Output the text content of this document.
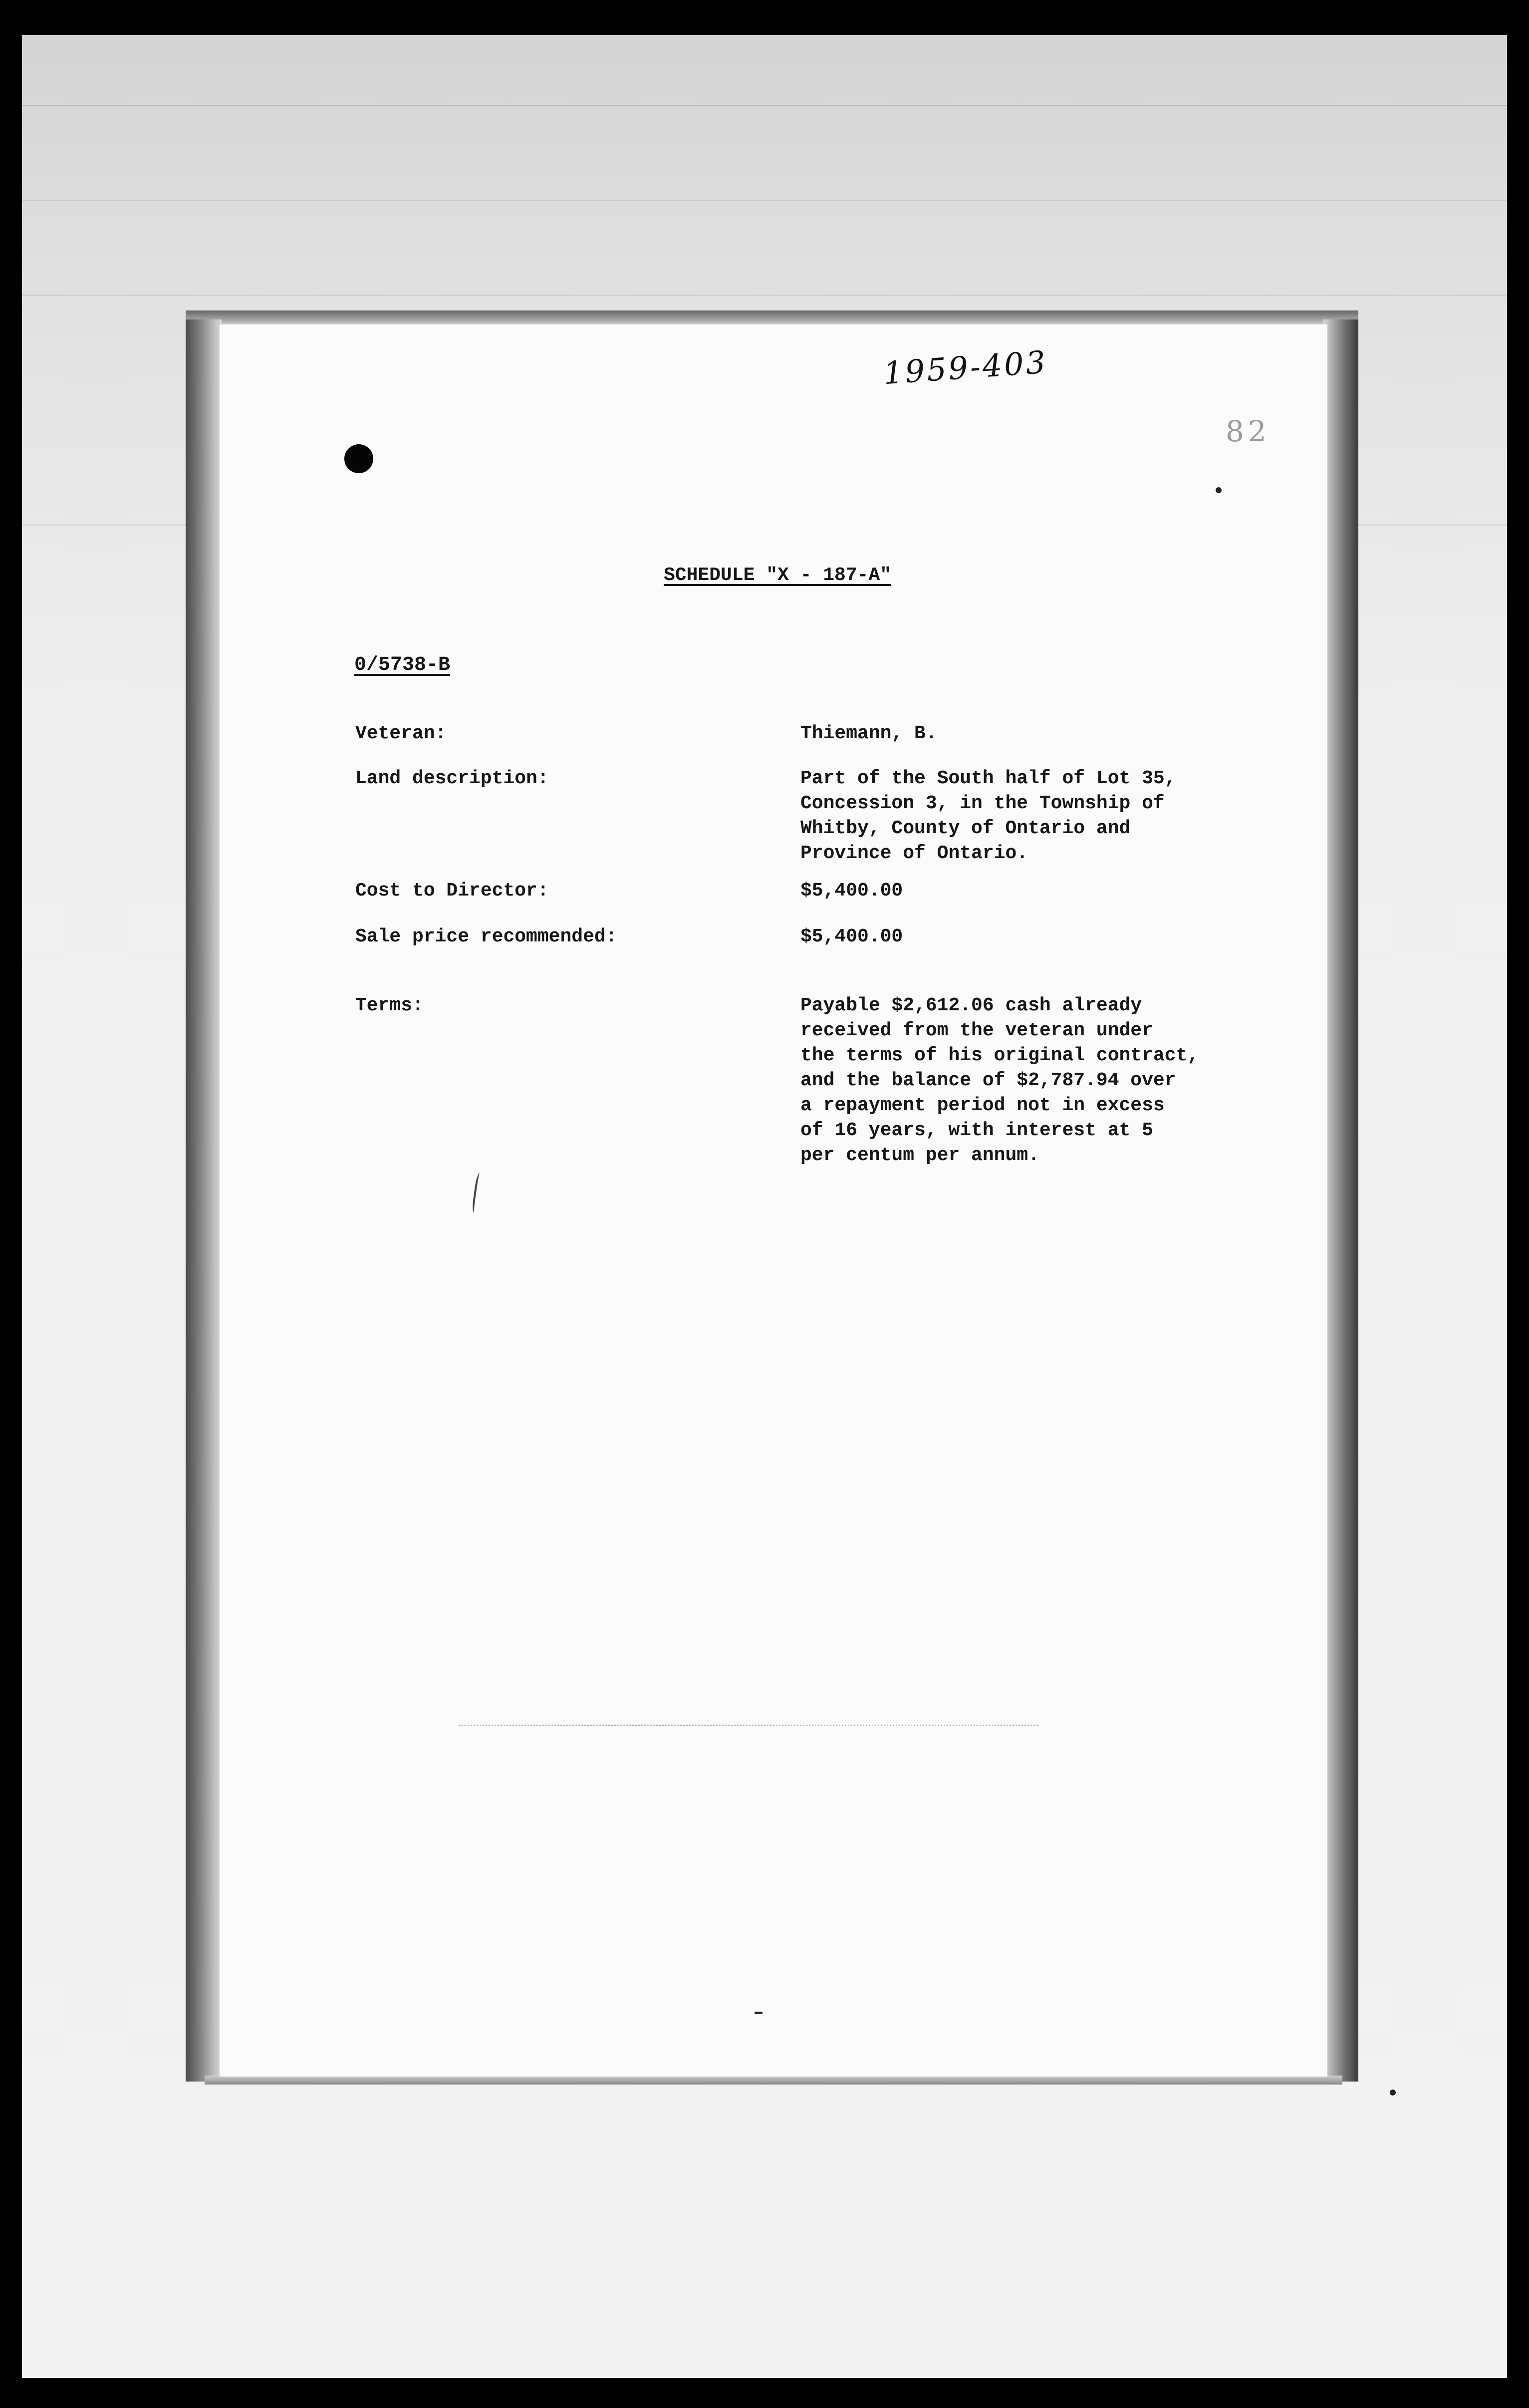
1959-403
82
SCHEDULE "X - 187-A"
0/5738-B
Veteran:	Thiemann, B.
Land description:	Part of the South half of Lot 35,
Concession 3, in the Township of
Whitby, County of Ontario and
Province of Ontario.
Cost to Director:	$5,400.00
Sale price recommended:	$5,400.00
Terms:	Payable $2,612.06 cash already
received from the veteran under
the terms of his original contract,
and the balance of $2,787.94 over
a repayment period not in excess
of 16 years, with interest at 5
per centum per annum.
